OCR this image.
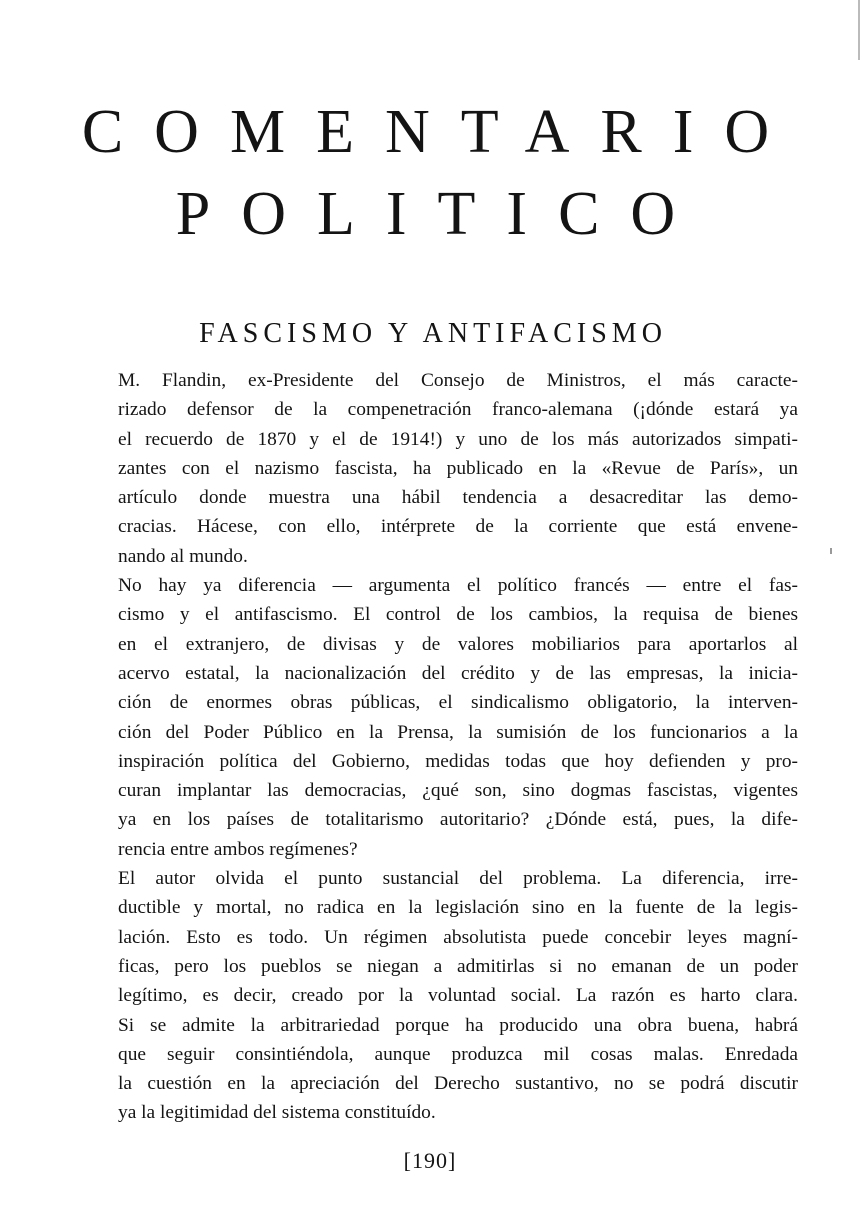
COMENTARIO
POLITICO
FASCISMO Y ANTIFACISMO

M. Flandin, ex-Presidente del Consejo de Ministros, el más caracte-
rizado defensor de la compenetración franco-alemana (¡dónde estará ya
el recuerdo de 1870 y el de 1914!) y uno de los más autorizados simpati-
zantes con el nazismo fascista, ha publicado en la «Revue de París», un
artículo donde muestra una hábil tendencia a desacreditar las demo-
cracias. Hácese, con ello, intérprete de la corriente que está envene-
nando al mundo.

No hay ya diferencia — argumenta el político francés — entre el fas-
cismo y el antifascismo. El control de los cambios, la requisa de bienes
en el extranjero, de divisas y de valores mobiliarios para aportarlos al
acervo estatal, la nacionalización del crédito y de las empresas, la inicia-
ción de enormes obras públicas, el sindicalismo obligatorio, la interven-
ción del Poder Público en la Prensa, la sumisión de los funcionarios a la
inspiración política del Gobierno, medidas todas que hoy defienden y pro-
curan implantar las democracias, ¿qué son, sino dogmas fascistas, vigentes
ya en los países de totalitarismo autoritario? ¿Dónde está, pues, la dife-
rencia entre ambos regímenes?

El autor olvida el punto sustancial del problema. La diferencia, irre-
ductible y mortal, no radica en la legislación sino en la fuente de la legis-
lación. Esto es todo. Un régimen absolutista puede concebir leyes magní-
ficas, pero los pueblos se niegan a admitirlas si no emanan de un poder
legítimo, es decir, creado por la voluntad social. La razón es harto clara.
Si se admite la arbitrariedad porque ha producido una obra buena, habrá
que seguir consintiéndola, aunque produzca mil cosas malas. Enredada
la cuestión en la apreciación del Derecho sustantivo, no se podrá discutir
ya la legitimidad del sistema constituído.

[190]
